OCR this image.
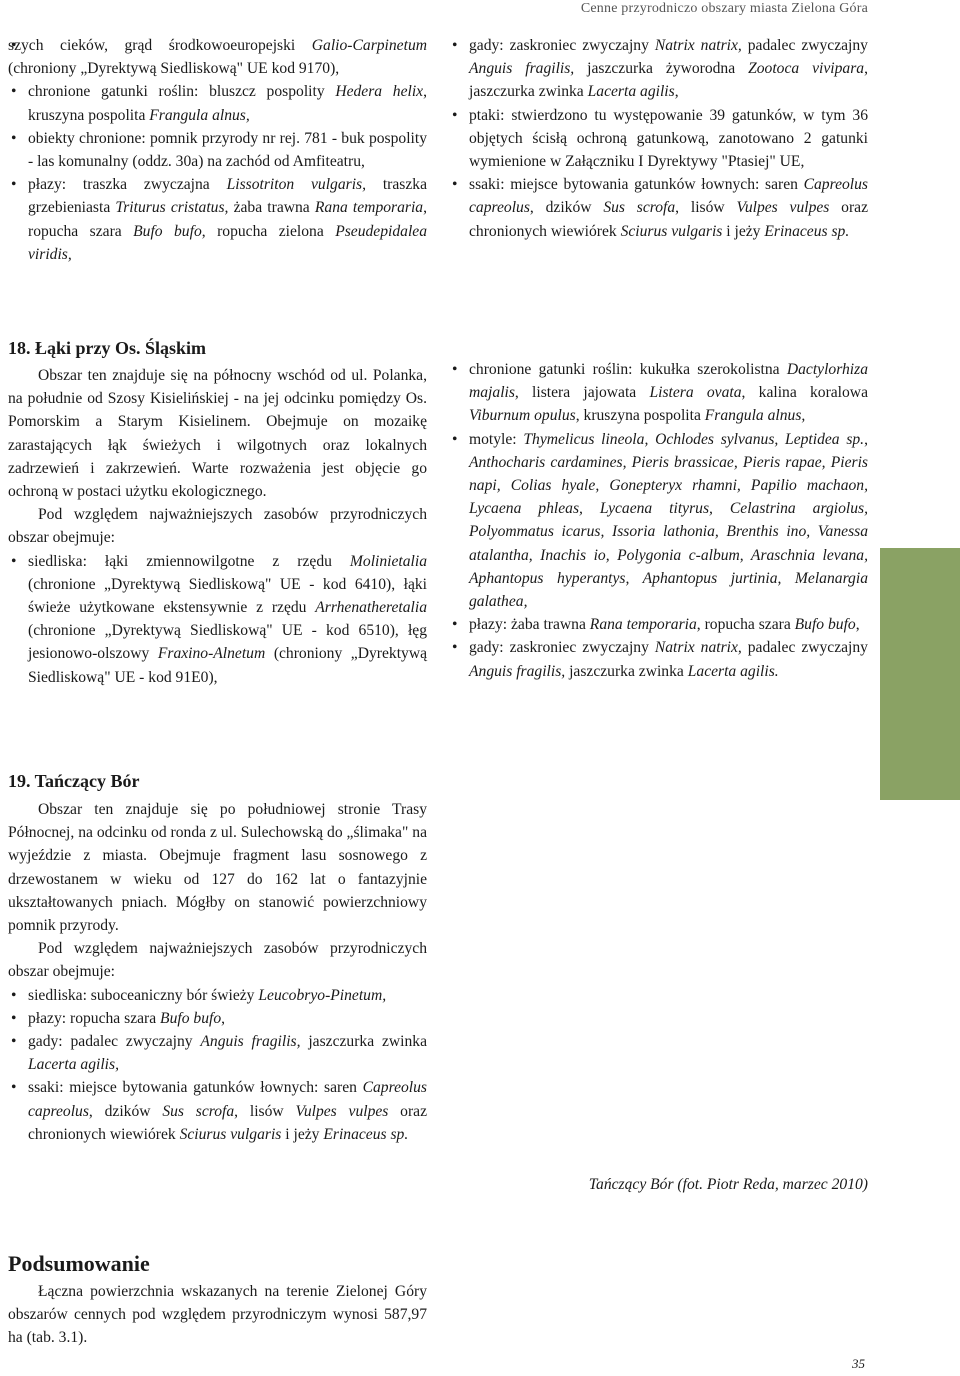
Cenne przyrodniczo obszary miasta Zielona Góra
• szych cieków, grąd środkowoeuropejski Galio-Carpinetum (chroniony „Dyrektywą Siedliskową" UE kod 9170),
• chronione gatunki roślin: bluszcz pospolity Hedera helix, kruszyna pospolita Frangula alnus,
• obiekty chronione: pomnik przyrody nr rej. 781 - buk pospolity - las komunalny (oddz. 30a) na zachód od Amfiteatru,
• płazy: traszka zwyczajna Lissotriton vulgaris, traszka grzebieniasta Triturus cristatus, żaba trawna Rana temporaria, ropucha szara Bufo bufo, ropucha zielona Pseudepidalea viridis,
• gady: zaskroniec zwyczajny Natrix natrix, padalec zwyczajny Anguis fragilis, jaszczurka żyworodna Zootoca vivipara, jaszczurka zwinka Lacerta agilis,
• ptaki: stwierdzono tu występowanie 39 gatunków, w tym 36 objętych ścisłą ochroną gatunkową, zanotowano 2 gatunki wymienione w Załączniku I Dyrektywy "Ptasiej" UE,
• ssaki: miejsce bytowania gatunków łownych: saren Capreolus capreolus, dzików Sus scrofa, lisów Vulpes vulpes oraz chronionych wiewiórek Sciurus vulgaris i jeży Erinaceus sp.
18. Łąki przy Os. Śląskim

Obszar ten znajduje się na północny wschód od ul. Polanka, na południe od Szosy Kisielińskiej - na jej odcinku pomiędzy Os. Pomorskim a Starym Kisielinem. Obejmuje on mozaikę zarastających łąk świeżych i wilgotnych oraz lokalnych zadrzewień i zakrzewień. Warte rozważenia jest objęcie go ochroną w postaci użytku ekologicznego.

Pod względem najważniejszych zasobów przyrodniczych obszar obejmuje:

• siedliska: łąki zmiennowilgotne z rzędu Molinietalia (chronione „Dyrektywą Siedliskową" UE - kod 6410), łąki świeże użytkowane ekstensywnie z rzędu Arrhenatheretalia (chronione „Dyrektywą Siedliskową" UE - kod 6510), łęg jesionowo-olszowy Fraxino-Alnetum (chroniony „Dyrektywą Siedliskową" UE - kod 91E0),
• chronione gatunki roślin: kukułka szerokolistna Dactylorhiza majalis, listera jajowata Listera ovata, kalina koralowa Viburnum opulus, kruszyna pospolita Frangula alnus,
• motyle: Thymelicus lineola, Ochlodes sylvanus, Leptidea sp., Anthocharis cardamines, Pieris brassicae, Pieris rapae, Pieris napi, Colias hyale, Gonepteryx rhamni, Papilio machaon, Lycaena phleas, Lycaena tityrus, Celastrina argiolus, Polyommatus icarus, Issoria lathonia, Brenthis ino, Vanessa atalantha, Inachis io, Polygonia c-album, Araschnia levana, Aphantopus hyperantys, Aphantopus jurtinia, Melanargia galathea,
• płazy: żaba trawna Rana temporaria, ropucha szara Bufo bufo,
• gady: zaskroniec zwyczajny Natrix natrix, padalec zwyczajny Anguis fragilis, jaszczurka zwinka Lacerta agilis.
19. Tańczący Bór

Obszar ten znajduje się po południowej stronie Trasy Północnej, na odcinku od ronda z ul. Sulechowską do „ślimaka" na wyjeździe z miasta. Obejmuje fragment lasu sosnowego z drzewostanem w wieku od 127 do 162 lat o fantazyjnie ukształtowanych pniach. Mógłby on stanowić powierzchniowy pomnik przyrody.

Pod względem najważniejszych zasobów przyrodniczych obszar obejmuje:

• siedliska: suboceaniczny bór świeży Leucobryo-Pinetum,
• płazy: ropucha szara Bufo bufo,
• gady: padalec zwyczajny Anguis fragilis, jaszczurka zwinka Lacerta agilis,
• ssaki: miejsce bytowania gatunków łownych: saren Capreolus capreolus, dzików Sus scrofa, lisów Vulpes vulpes oraz chronionych wiewiórek Sciurus vulgaris i jeży Erinaceus sp.
Podsumowanie

Łączna powierzchnia wskazanych na terenie Zielonej Góry obszarów cennych pod względem przyrodniczym wynosi 587,97 ha (tab. 3.1).

Tańczący Bór (fot. Piotr Reda, marzec 2010)
35
